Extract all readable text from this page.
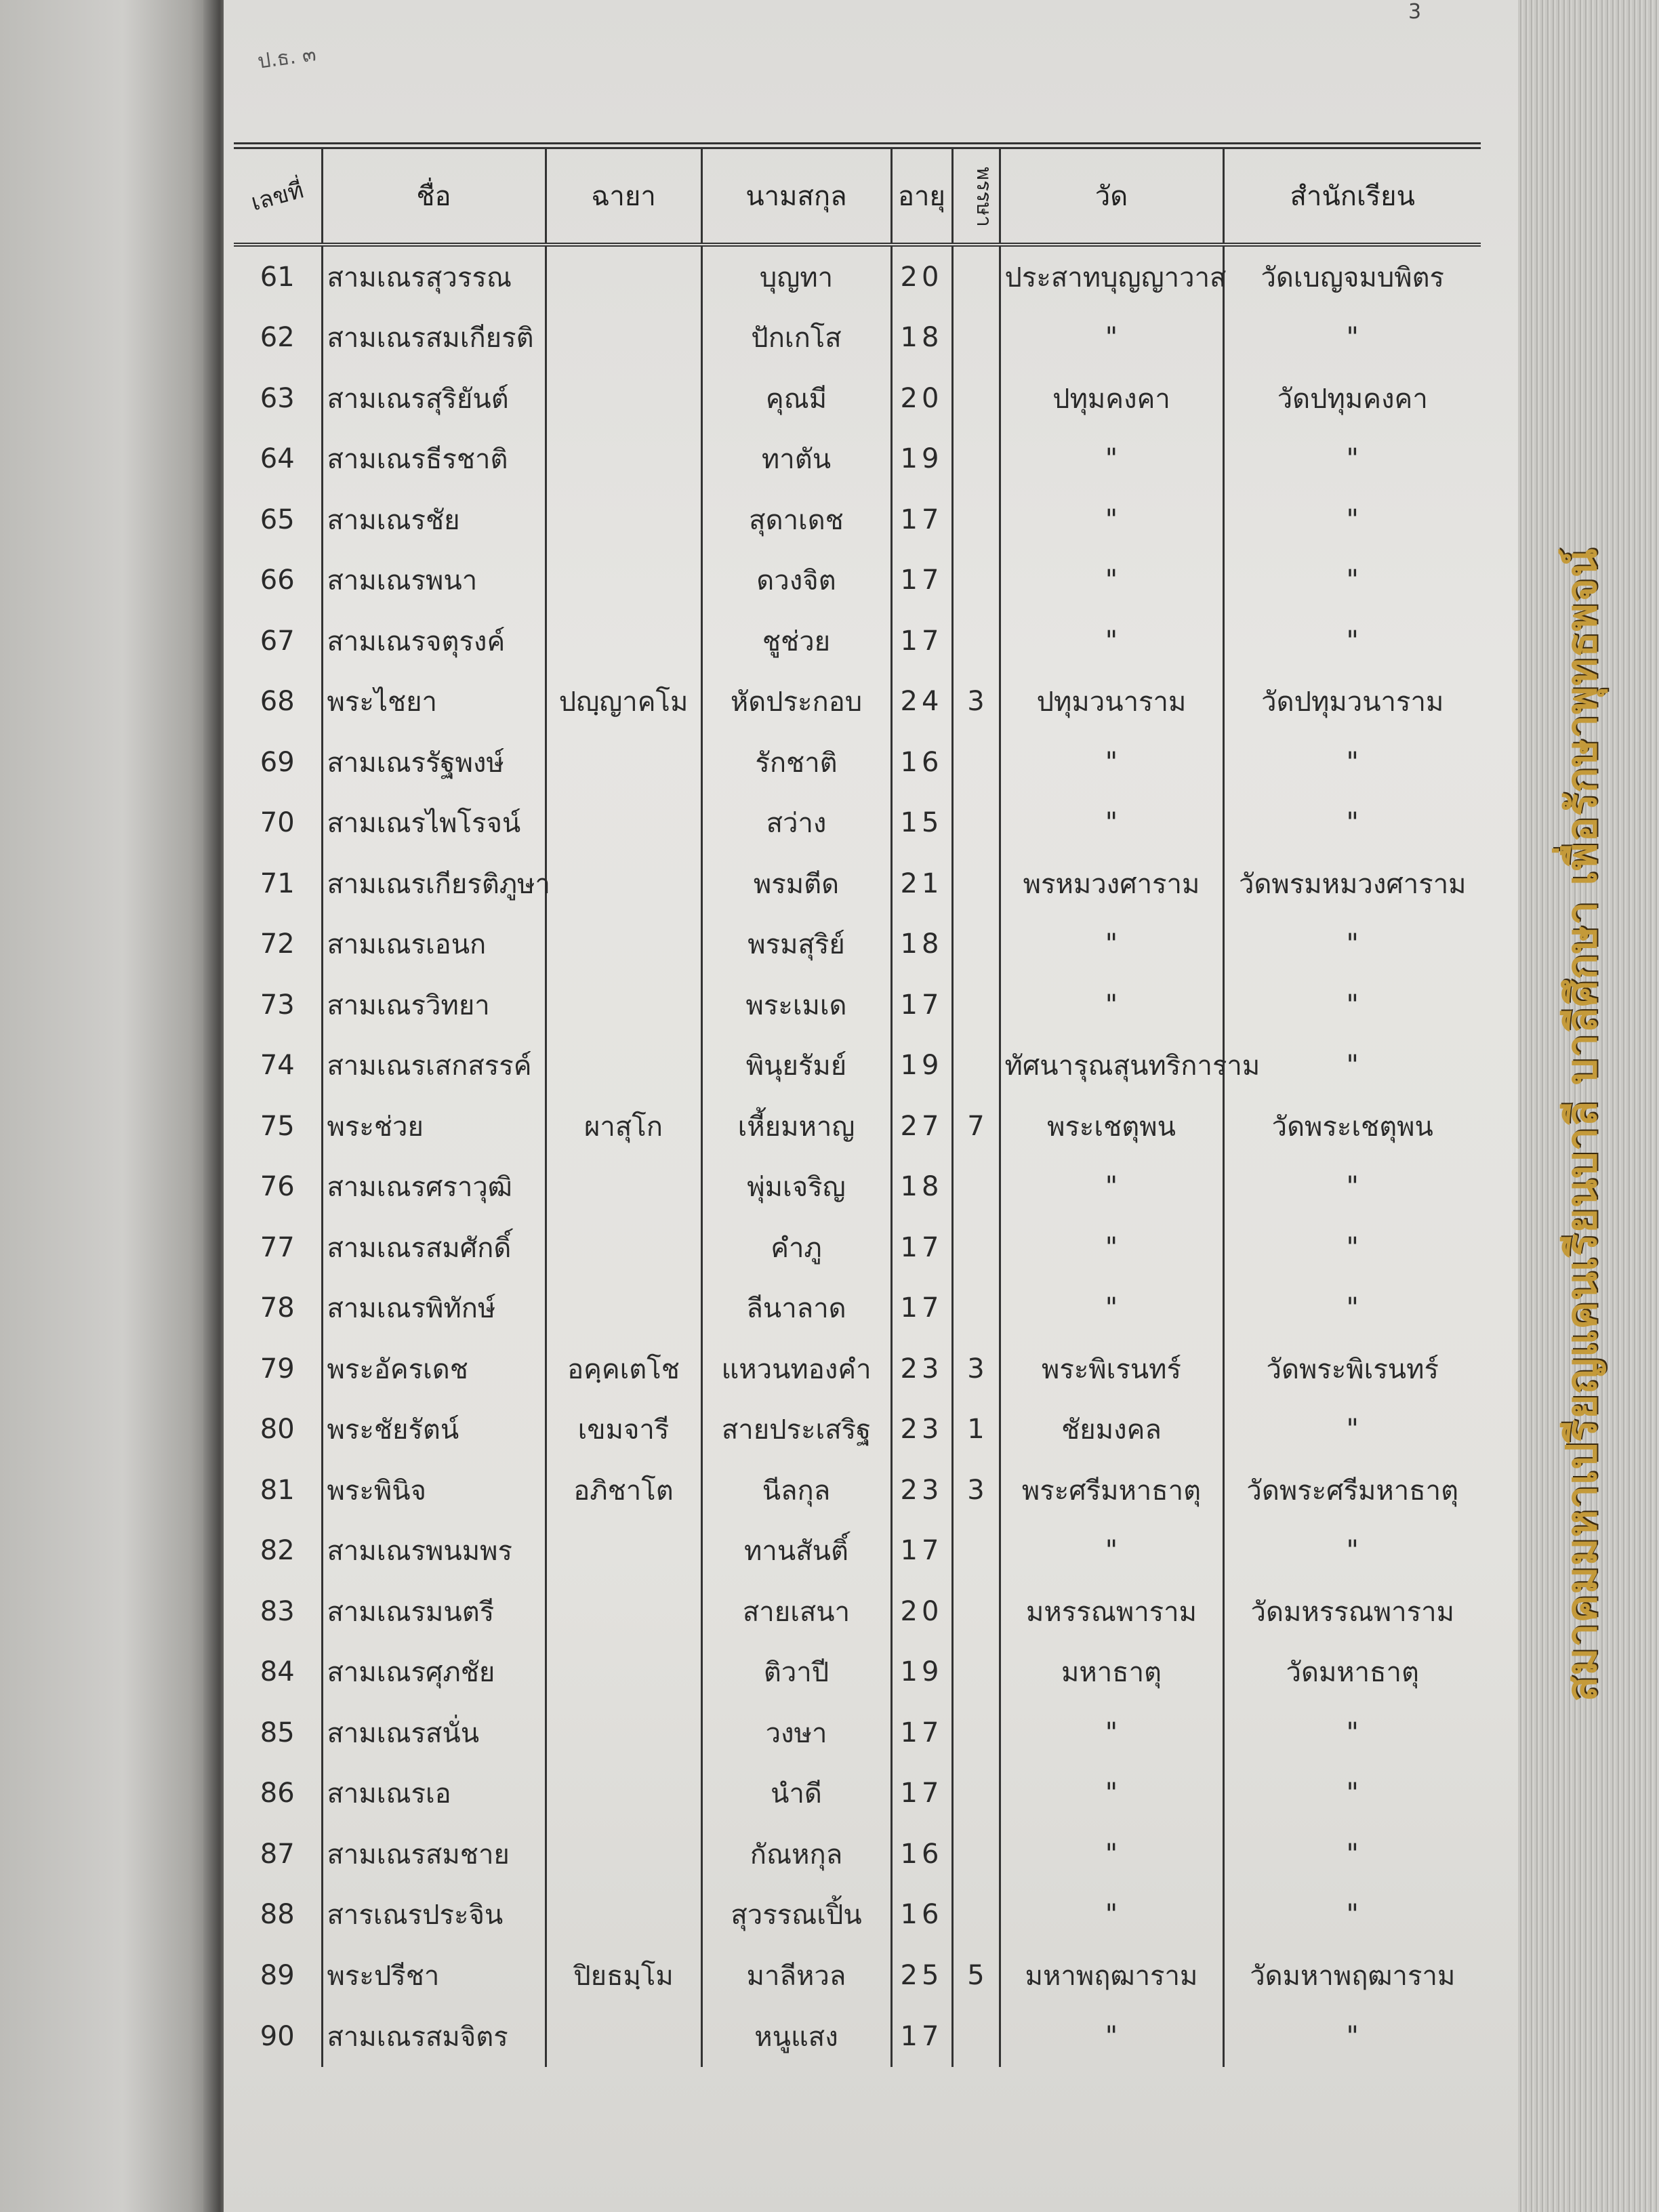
ป.ธ. ๓
3
สมาคมมหาเปรียญแคนเรียนบาลี บาลีศึกษา เพื่อรักษาพุทธพจน์
เลขที่	ชื่อ	ฉายา	นามสกุล	อายุ	พรรษา	วัด	สำนักเรียน
61	สามเณรสุวรรณ		บุญทา	20		ประสาทบุญญาวาส	วัดเบญจมบพิตร
62	สามเณรสมเกียรติ		ปักเกโส	18		"	"
63	สามเณรสุริยันต์		คุณมี	20		ปทุมคงคา	วัดปทุมคงคา
64	สามเณรธีรชาติ		ทาตัน	19		"	"
65	สามเณรชัย		สุดาเดช	17		"	"
66	สามเณรพนา		ดวงจิต	17		"	"
67	สามเณรจตุรงค์		ชูช่วย	17		"	"
68	พระไชยา	ปญฺญาคโม	หัดประกอบ	24	3	ปทุมวนาราม	วัดปทุมวนาราม
69	สามเณรรัฐพงษ์		รักชาติ	16		"	"
70	สามเณรไพโรจน์		สว่าง	15		"	"
71	สามเณรเกียรติภูษา		พรมตีด	21		พรหมวงศาราม	วัดพรมหมวงศาราม
72	สามเณรเอนก		พรมสุริย์	18		"	"
73	สามเณรวิทยา		พระเมเด	17		"	"
74	สามเณรเสกสรรค์		พินุยรัมย์	19		ทัศนารุณสุนทริการาม	"
75	พระช่วย	ผาสุโก	เหี้ยมหาญ	27	7	พระเชตุพน	วัดพระเชตุพน
76	สามเณรศราวุฒิ		พุ่มเจริญ	18		"	"
77	สามเณรสมศักดิ์		คำภู	17		"	"
78	สามเณรพิทักษ์		ลีนาลาด	17		"	"
79	พระอัครเดช	อคฺคเตโช	แหวนทองคำ	23	3	พระพิเรนทร์	วัดพระพิเรนทร์
80	พระชัยรัตน์	เขมจารี	สายประเสริฐ	23	1	ชัยมงคล	"
81	พระพินิจ	อภิชาโต	นีลกุล	23	3	พระศรีมหาธาตุ	วัดพระศรีมหาธาตุ
82	สามเณรพนมพร		ทานสันติ์	17		"	"
83	สามเณรมนตรี		สายเสนา	20		มหรรณพาราม	วัดมหรรณพาราม
84	สามเณรศุภชัย		ติวาปี	19		มหาธาตุ	วัดมหาธาตุ
85	สามเณรสนั่น		วงษา	17		"	"
86	สามเณรเอ		นำดี	17		"	"
87	สามเณรสมชาย		กัณหกุล	16		"	"
88	สารเณรประจิน		สุวรรณเปิ้น	16		"	"
89	พระปรีชา	ปิยธมฺโม	มาลีหวล	25	5	มหาพฤฒาราม	วัดมหาพฤฒาราม
90	สามเณรสมจิตร		หนูแสง	17		"	"
